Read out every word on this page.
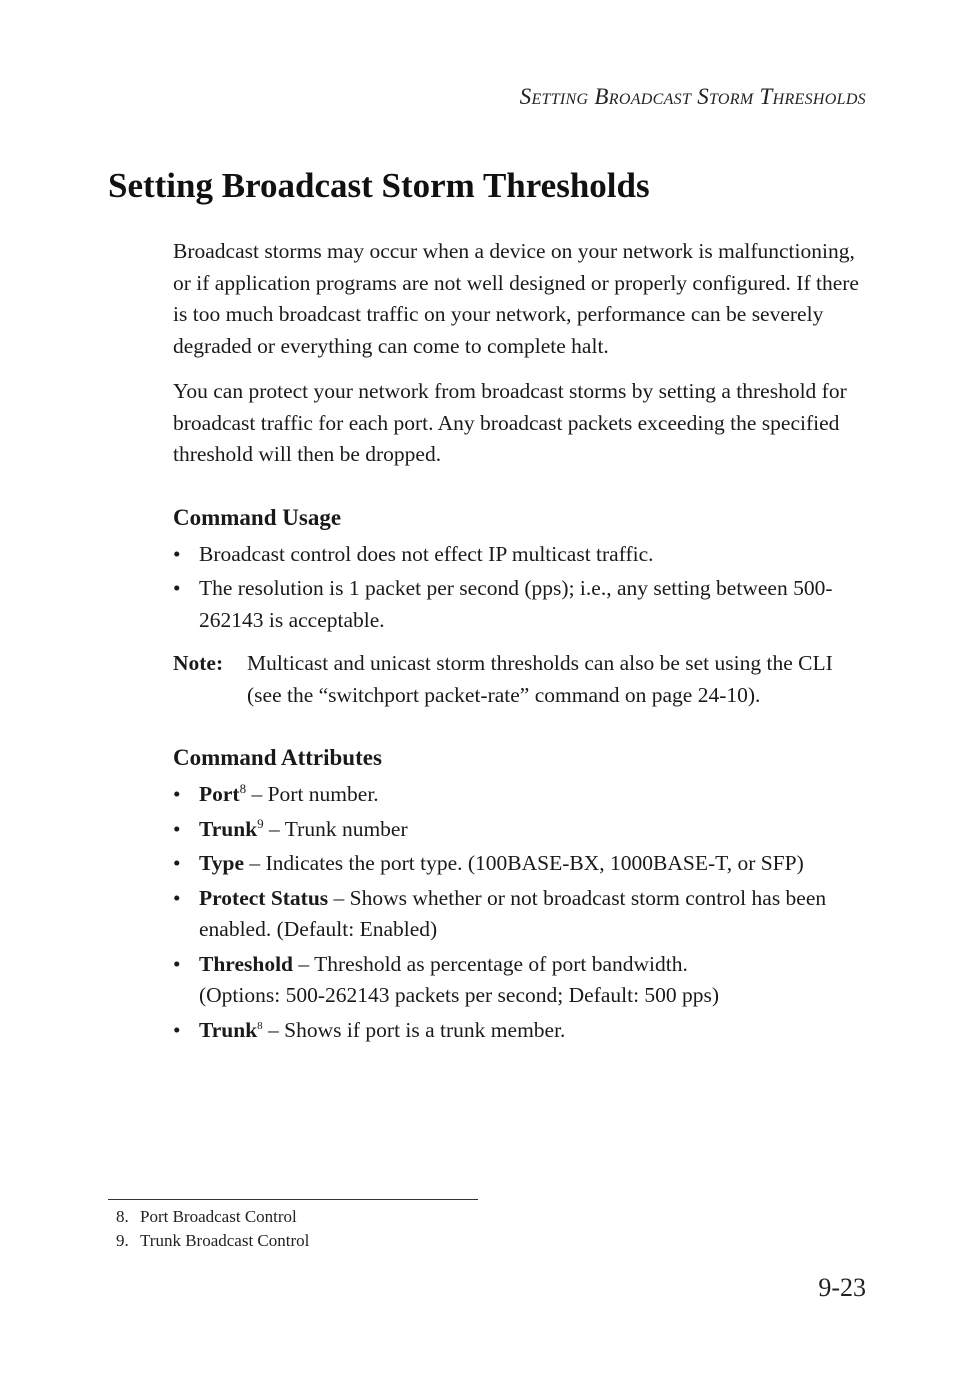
Setting Broadcast Storm Thresholds
Setting Broadcast Storm Thresholds

Broadcast storms may occur when a device on your network is malfunctioning, or if application programs are not well designed or properly configured. If there is too much broadcast traffic on your network, performance can be severely degraded or everything can come to complete halt.

You can protect your network from broadcast storms by setting a threshold for broadcast traffic for each port. Any broadcast packets exceeding the specified threshold will then be dropped.

Command Usage
• Broadcast control does not effect IP multicast traffic.
• The resolution is 1 packet per second (pps); i.e., any setting between 500-262143 is acceptable.
Note:	Multicast and unicast storm thresholds can also be set using the CLI (see the “switchport packet-rate” command on page 24-10).
Command Attributes
• Port$^8$ – Port number.
• Trunk$^9$ – Trunk number
• Type – Indicates the port type. (100BASE-BX, 1000BASE-T, or SFP)
• Protect Status – Shows whether or not broadcast storm control has been enabled. (Default: Enabled)
• Threshold – Threshold as percentage of port bandwidth.
(Options: 500-262143 packets per second; Default: 500 pps)
• Trunk$^8$ – Shows if port is a trunk member.
8. Port Broadcast Control
9. Trunk Broadcast Control
9-23
